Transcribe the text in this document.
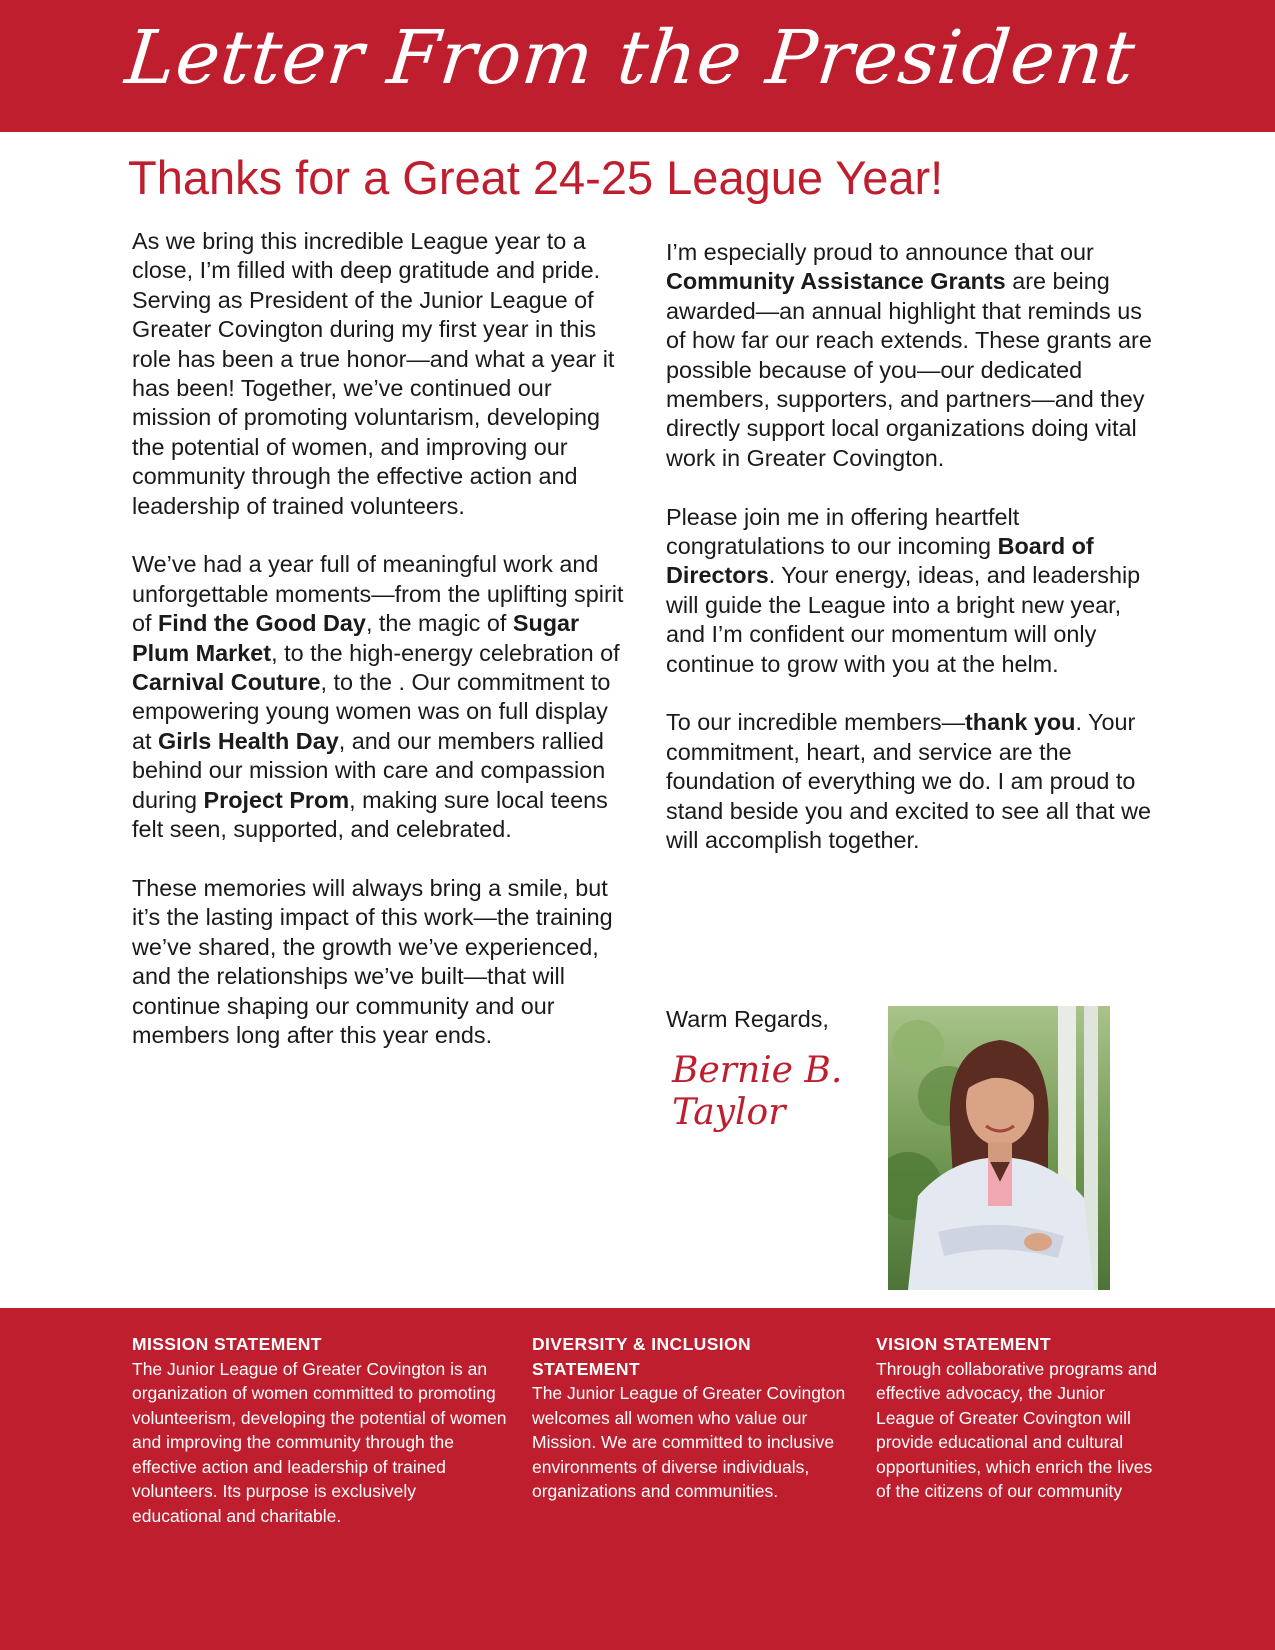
Letter From the President
Thanks for a Great 24-25 League Year!

As we bring this incredible League year to a close, I’m filled with deep gratitude and pride. Serving as President of the Junior League of Greater Covington during my first year in this role has been a true honor—and what a year it has been! Together, we’ve continued our mission of promoting voluntarism, developing the potential of women, and improving our community through the effective action and leadership of trained volunteers.

We’ve had a year full of meaningful work and unforgettable moments—from the uplifting spirit of Find the Good Day, the magic of Sugar Plum Market, to the high-energy celebration of Carnival Couture, to the . Our commitment to empowering young women was on full display at Girls Health Day, and our members rallied behind our mission with care and compassion during Project Prom, making sure local teens felt seen, supported, and celebrated.

These memories will always bring a smile, but it’s the lasting impact of this work—the training we’ve shared, the growth we’ve experienced, and the relationships we’ve built—that will continue shaping our community and our members long after this year ends.

I’m especially proud to announce that our Community Assistance Grants are being awarded—an annual highlight that reminds us of how far our reach extends. These grants are possible because of you—our dedicated members, supporters, and partners—and they directly support local organizations doing vital work in Greater Covington.

Please join me in offering heartfelt congratulations to our incoming Board of Directors. Your energy, ideas, and leadership will guide the League into a bright new year, and I’m confident our momentum will only continue to grow with you at the helm.

To our incredible members—thank you. Your commitment, heart, and service are the foundation of everything we do. I am proud to stand beside you and excited to see all that we will accomplish together.

Warm Regards,
Bernie B. Taylor
MISSION STATEMENT
The Junior League of Greater Covington is an organization of women committed to promoting volunteerism, developing the potential of women and improving the community through the effective action and leadership of trained volunteers. Its purpose is exclusively educational and charitable.
DIVERSITY & INCLUSION STATEMENT
The Junior League of Greater Covington welcomes all women who value our Mission. We are committed to inclusive environments of diverse individuals, organizations and communities.
VISION STATEMENT
Through collaborative programs and effective advocacy, the Junior League of Greater Covington will provide educational and cultural opportunities, which enrich the lives of the citizens of our community
